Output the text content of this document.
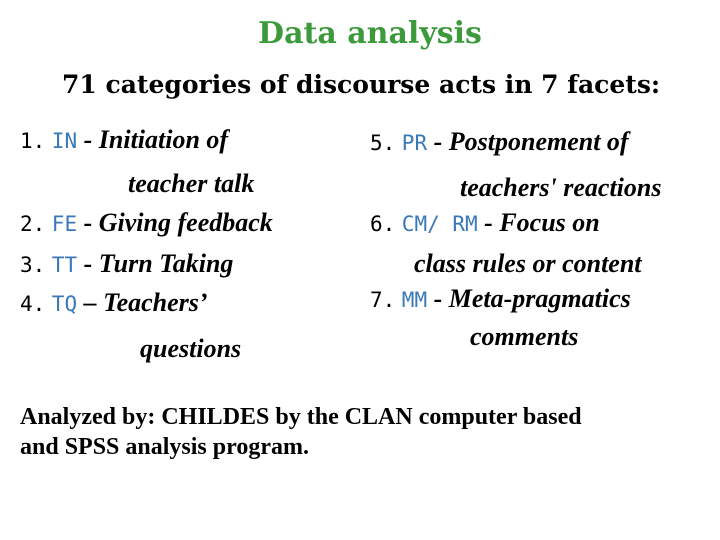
Data analysis
71 categories of discourse acts in 7 facets:
1. IN - Initiation of
teacher talk
2. FE - Giving feedback
3. TT - Turn Taking
4. TQ – Teachers’
questions
5. PR - Postponement of
teachers' reactions
6. CM/ RM - Focus on
class rules or content
7. MM - Meta-pragmatics
comments
Analyzed by: CHILDES by the CLAN computer based
and SPSS analysis program.
